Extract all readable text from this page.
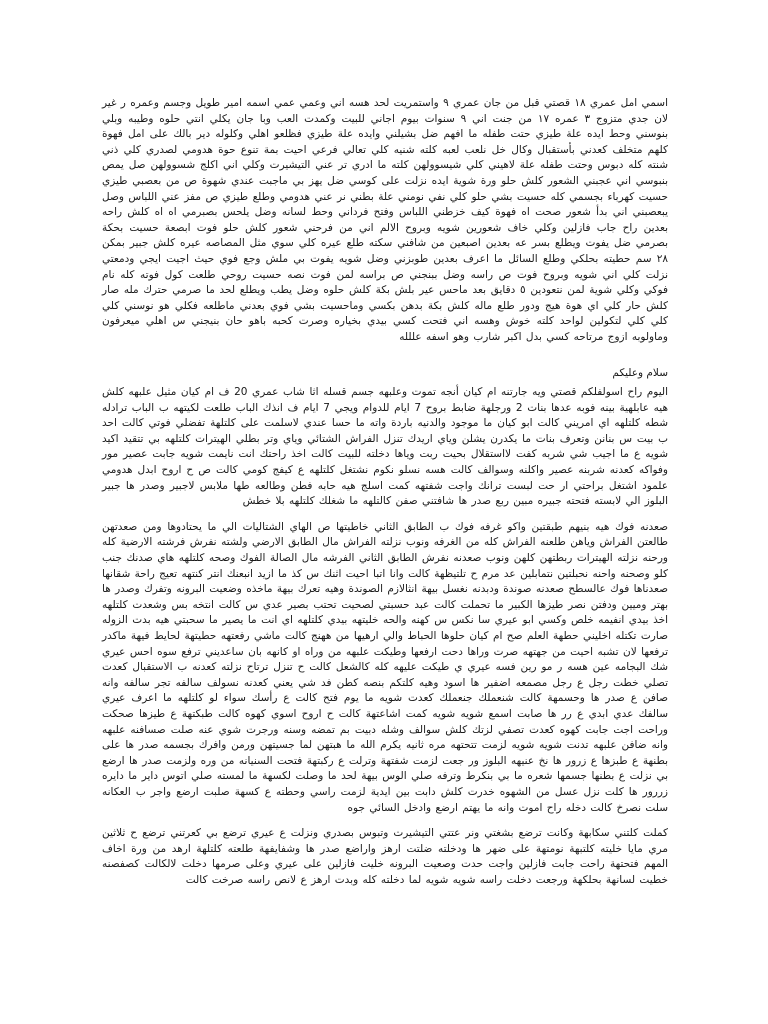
اسمي امل عمري ١٨ قصتي قبل من جان عمري ٩ واستمريت لحد هسه اني وعمي عمي اسمه امير طويل وجسم وعمره ر غير لان جدي متزوج ٣ عمره ١٧ من جنت اني ٩ سنوات بيوم اجاني للبيت وكمدت العب وبا جان يكلي انتي حلوه وطيبه وبلي بنوسني وحط ايده علة طيزي حتت طفله ما افهم ضل بشيلني وايده علة طيزي فظلعو اهلي وكلوله دير بالك على امل فهوة كلهم متخلف كعدني بأستقبال وكال خل نلعب لعبه كلته شنيه كلي تعالي فرعي احيت بمة تنوع حوة هدومي لصدري كلي ذني شنته كله دبوس وحتت طفله علة لاهيني كلي شيسوولهن كلته ما ادري تر عني التيشيرت وكلي اني اكلج شسوولهن صل يمص بنبوسي اني عجبني الشعور كلش حلو ورة شوية ايده نزلت على كوسي ضل يهز بي ماجبت عندي شهوة ص من بعصبي طيزي حسيت كهرباء بجسمي كله حسيت بشي حلو كلي نفي نومني علة بطني نر عني هدومي وطلع طيزي ص مفز عني اللباس وصل يبعصبني اني بدأ شعور صحت اه فهوة كيف خزطني اللباس وفتح فرداني وحط لسانه وضل يلحس بصبرمي اه اه كلش راحه بعدين راح جاب فازلين وكلي خاف شعورين شويه وبروح الالم اني من فرحني شعور كلش حلو فوت ابصعة حسيت بحكة بصرمي ضل يفوت ويطلع بسر عه بعدين اصبعين من شافني سكته طلع عيره كلي سوي مثل المصاصه عيره كلش جبير بمكن ٢٨ سم حطيته بحلكي وطلع السائل ما اعرف بعدين طوبزني وضل شويه يفوت بي ملش وجع فوي حيث اجيت ايجي ودمعتي نزلت كلي اني شويه وبروح فوت ص راسه وضل ببنجني ص براسه لمن فوت نصه حسيت روحي طلعت كول فوته كله نام فوكي وكلي شوية لمن نتعودين ٥ دقايق بعد ماحس عير بلش بكة كلش حلوه وضل يطب ويطلع لحد ما صرمي حترك مله صار كلش حار كلي اي هوة هيج ودور طلع ماله كلش بكة بدهن بكسي وماحسيت بشي فوي بعدني ماطلعه فكلي هو نوسني كلي كلي كلي لتكولين لواحد كلته خوش وهسه اني فتحت كسي بيدي بخياره وصرت كحبه باهو حان بنيجني س اهلي ميعرفون وماولوبه ازوج مرتاحه كسي بدل اكبر شارب وهو اسفه عللله

سلام وعليكم

اليوم راح اسولفلكم قصتي ويه جارتنه ام كيان أنجه تموت وعلبهه جسم قسله اثا شاب عمري 20 ف ام كيان مثيل علبهه كلش هيه عابلهية بينه فوبه عدها بنات 2 ورجلهة ضابط بروح 7 ايام للدوام ويجي 7 ايام ف انذك الباب طلعت لكيتهه ب الباب ترادله شطه كلتلهه اي امريني كالت ابو كيان ما موجود والدنيه باردة واته ما حسا عندي لاسلمت على كلتلهة تفضلي فوتي كالت احد ب بيت س بنانن وتعرف بنات ما يكدرن يشلن وياي اريدك تنزل الفراش الشتائي وياي وتر بطلي الهيترات كلتلهه بي تتقيد اكيد شويه ع ما اجيب شي شربه كفت لااستقلال بحيت ربت وياها دخلته للبيت كالت اخذ راحتك انت نايمت شويه جابت عصير مور وفواكه كعدنه شربنه عصير واكلنه وسوالف كالت هسه نسلو نكوم نشتغل كلتلهه ع كيفج كومي كالت ص ح اروح ابدل هدومي علمود اشتغل براحتي ار حت لبست ترانك واجت شفتهه كمت اسلج هيه حابه فطن وطالعه طها ملابس لاجبير وصدر ها جبير البلوز الي لابسته فتحته جبيره مبين ربع صدر ها شافتني صفن كالتلهه ما شغلك كلتلهه بلا خطش

صعدنه فوك هيه بنيهم طبقتين واكو غرفه فوك ب الطابق الثاني خاطيتها ص الهاي الشتاليات الي ما يحتادوها ومن صعدتهن طالعتن الفراش وياهن طلعنه الفراش كله من الغرفه ونوب نزلته الفراش مال الطابق الارضي ولشته نفرش فرشته الارضية كله ورحنه نزلته الهيترات ربطتهن كلهن ونوب صعدنه نفرش الطابق الثاني الفرشه مال الصالة الفوك وصحه كلتلهه هاي صدنك جنب كلو وصحنه واحنه نحبلتين نتمابلين عد مرم ح تلتيظهة كالت وانا اتبا احيت اثنك س كذ ما ازيد انبعنك انتر كنتهه تعيج راحة شقانها صعدناها فوك عالسطح صعدنه صوندة ودبدنه نغسل بيهة انثالازم الصوندة وهيه تعرك بيهة ماخذه وضعيت البرونه وتفرك وصدر ها بهتر وميين ودفتن نصر طيزها الكبير ما تحملت كالت عبد حسبتي لصحيت تحتب بصير عدي س كالت انتخه بس وشعدت كلتلهه اخذ بيدي انفيمه خلص وكسي ابو عيري سا نكس س كهنه والحه خليتهه بيدي كلتلهه اي انت ما يصير ما سحبتي هيه بدت الزوله صارت تكتله اخليني حطهة العلم صح ام كيان حلوها الحباط والي ارهيها من ههنج كالت ماشي رفعتهه حطيتهة لحايط فيهة ماكدر ترفعها لان تشبه احيت من جهتهه صرت وراها دحت ارفعها وطيكت علبهه من وراه او كانهه بان ساعديني ترفع سوه احس عيري شك البجامه عين هسه ر مو رين فسه عيري ي طيكت عليهه كله كالشعل كالت ح تنزل ترتاح نزلته كعدنه ب الاستقبال كعدت تصلي خطت رجل ع رجل مصمعه اضفير ها اسود وهيه كلتكم بنصه كطن فد شي يعني كعدنه نسولف سالفه تجر سالفه وانه صافن ع صدر ها وحسمهة كالت شنعملك جنعملك كعدت شويه ما يوم فتح كالت ع رأسك سواء لو كلتلهه ما اعرف عيري سالفك عدي ابدي ع رر ها صابت اسمع شويه شويه كمت اشاعتهة كالت ح اروح اسوي كهوه كالت طبكتهة ع طيزها صحكت وراحت اجت جابت كهوه كعدت تصفي لزتك كلش سوالف وشله دبيت بم تمضه وسنه ورجرت شوي عنه صلت صسافنه علبهه وانه ضافن علبهه تدنت شويه شويه لزمت تتحتهه مره ثانيه يكرم الله ما هبتهن لما جسيتهن ورمن وافرك بجسمه صدر ها على بطنهة ع طبزها ع زرور ها نخ عنيهه البلوز ور جعت لزمت شفتهة وترلت ع ركبتهة فتحت السنيانه من وره ولزمت صدر ها ارضع بي نزلت ع بطنها جسمها شعره ما بي بنكرط وترفه صلي الوس بيهة لحد ما وصلت لكسهة ما لمسته صلي اتوس داير ما دايره زررور ها كلت نزل عسل من الشهوه خدرت كلش دابت بين ايدية لزمت راسي وحطته ع كسهة صلبت ارضع واجر ب العكانه سلت نصرخ كالت دخله راح اموت وانه ما يهتم ارضع وادخل السائي جوه

كملت كلتني سكابهة وكانت ترضع بشغتي ونر عتتي التيشيرت وتبوس بصدري ونزلت ع عيري ترضع بي كعرتني ترضع ح ثلاثين مري مايا خليته كلتبهة نومتهة على ضهر ها ودخلته ضلتت ارهز واراضع صدر ها وشفايفهة طلعته كلتلهة ارهد من ورة اخاف المهم فتحتهة راحت جابت فازلين واجت حدت وصعيت البرونه خليت فازلين على عيري وعلى صرمها دخلت لالكالت كصفصنه خطيت لسانهة بحلكهة ورجعت دخلت راسه شويه شويه لما دخلته كله وبدت ارهز ع لانص راسه صرخت كالت
